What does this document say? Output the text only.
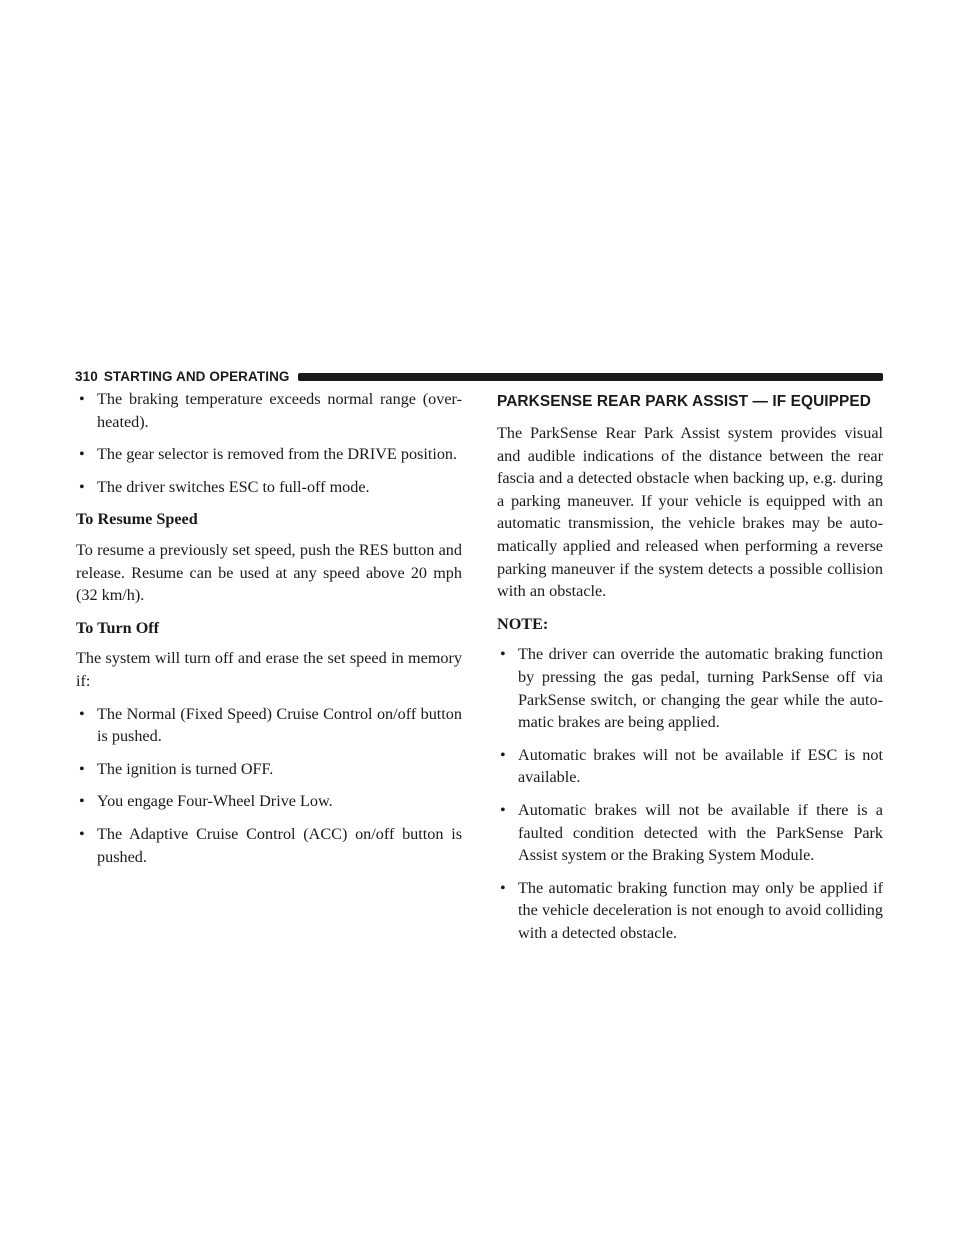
310 STARTING AND OPERATING
• The braking temperature exceeds normal range (over-heated).
• The gear selector is removed from the DRIVE position.
• The driver switches ESC to full-off mode.
To Resume Speed
To resume a previously set speed, push the RES button and release. Resume can be used at any speed above 20 mph (32 km/h).
To Turn Off
The system will turn off and erase the set speed in memory if:
• The Normal (Fixed Speed) Cruise Control on/off button is pushed.
• The ignition is turned OFF.
• You engage Four-Wheel Drive Low.
• The Adaptive Cruise Control (ACC) on/off button is pushed.
PARKSENSE REAR PARK ASSIST — IF EQUIPPED
The ParkSense Rear Park Assist system provides visual and audible indications of the distance between the rear fascia and a detected obstacle when backing up, e.g. during a parking maneuver. If your vehicle is equipped with an automatic transmission, the vehicle brakes may be auto-matically applied and released when performing a reverse parking maneuver if the system detects a possible collision with an obstacle.
NOTE:
• The driver can override the automatic braking function by pressing the gas pedal, turning ParkSense off via ParkSense switch, or changing the gear while the auto-matic brakes are being applied.
• Automatic brakes will not be available if ESC is not available.
• Automatic brakes will not be available if there is a faulted condition detected with the ParkSense Park Assist system or the Braking System Module.
• The automatic braking function may only be applied if the vehicle deceleration is not enough to avoid colliding with a detected obstacle.
